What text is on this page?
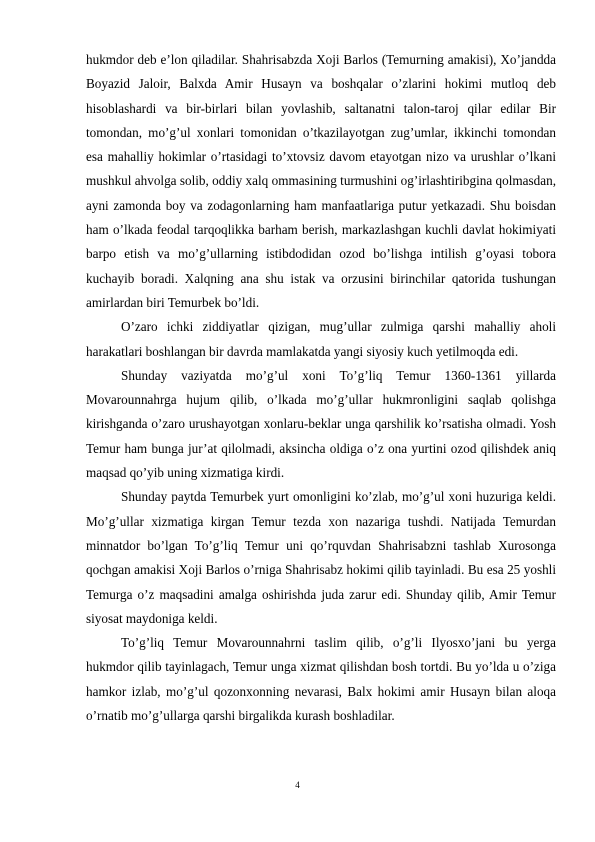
hukmdor deb e’lon qiladilar. Shahrisabzda Xoji Barlos (Temurning amakisi), Xo’jandda Boyazid Jaloir, Balxda Amir Husayn va boshqalar o’zlarini hokimi mutloq deb hisoblashardi va bir-birlari bilan yovlashib, saltanatni talon-taroj qilar edilar Bir tomondan, mo’g’ul xonlari tomonidan o’tkazilayotgan zug’umlar, ikkinchi tomondan esa mahalliy hokimlar o’rtasidagi to’xtovsiz davom etayotgan nizo va urushlar o’lkani mushkul ahvolga solib, oddiy xalq ommasining turmushini og’irlashtiribgina qolmasdan, ayni zamonda boy va zodagonlarning ham manfaatlariga putur yetkazadi. Shu boisdan ham o’lkada feodal tarqoqlikka barham berish, markazlashgan kuchli davlat hokimiyati barpo etish va mo’g’ullarning istibdodidan ozod bo’lishga intilish g’oyasi tobora kuchayib boradi. Xalqning ana shu istak va orzusini birinchilar qatorida tushungan amirlardan biri Temurbek bo’ldi.

O’zaro ichki ziddiyatlar qizigan, mug’ullar zulmiga qarshi mahalliy aholi harakatlari boshlangan bir davrda mamlakatda yangi siyosiy kuch yetilmoqda edi.

Shunday vaziyatda mo’g’ul xoni To’g’liq Temur 1360-1361 yillarda Movarounnahrga hujum qilib, o’lkada mo’g’ullar hukmronligini saqlab qolishga kirishganda o’zaro urushayotgan xonlaru-beklar unga qarshilik ko’rsatisha olmadi. Yosh Temur ham bunga jur’at qilolmadi, aksincha oldiga o’z ona yurtini ozod qilishdek aniq maqsad qo’yib uning xizmatiga kirdi.

Shunday paytda Temurbek yurt omonligini ko’zlab, mo’g’ul xoni huzuriga keldi. Mo’g’ullar xizmatiga kirgan Temur tezda xon nazariga tushdi. Natijada Temurdan minnatdor bo’lgan To’g’liq Temur uni qo’rquvdan Shahrisabzni tashlab Xurosonga qochgan amakisi Xoji Barlos o’rniga Shahrisabz hokimi qilib tayinladi. Bu esa 25 yoshli Temurga o’z maqsadini amalga oshirishda juda zarur edi. Shunday qilib, Amir Temur siyosat maydoniga keldi.

To’g’liq Temur Movarounnahrni taslim qilib, o’g’li Ilyosxo’jani bu yerga hukmdor qilib tayinlagach, Temur unga xizmat qilishdan bosh tortdi. Bu yo’lda u o’ziga hamkor izlab, mo’g’ul qozonxonning nevarasi, Balx hokimi amir Husayn bilan aloqa o’rnatib mo’g’ullarga qarshi birgalikda kurash boshladilar.

4
